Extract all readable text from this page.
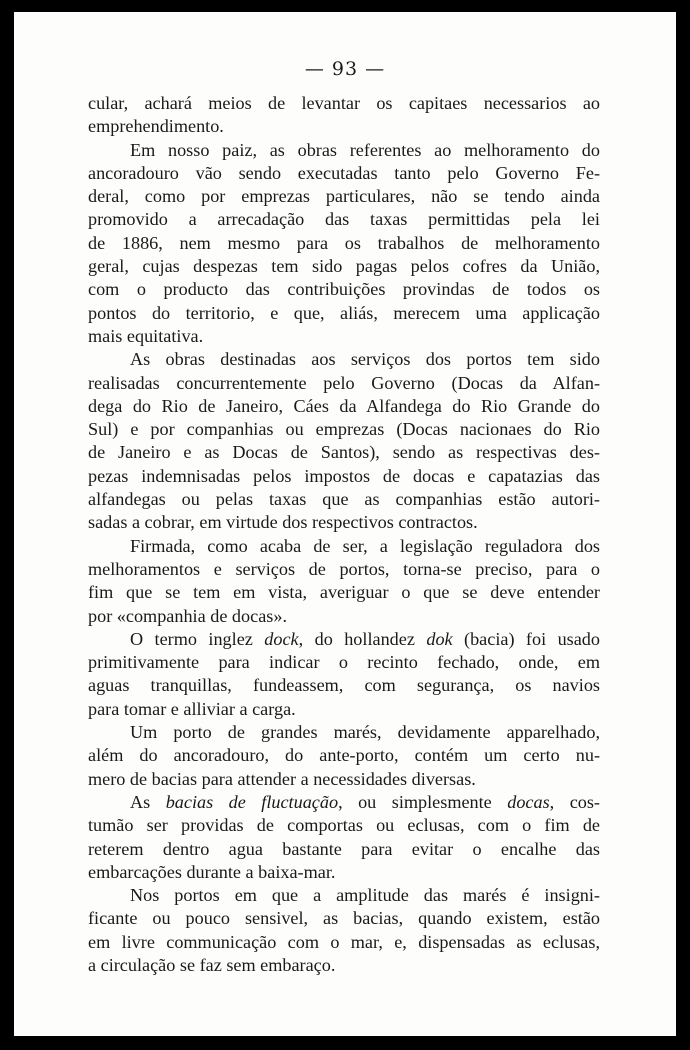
— 93 —
cular, achará meios de levantar os capitaes necessarios ao
emprehendimento.
Em nosso paiz, as obras referentes ao melhoramento do
ancoradouro vão sendo executadas tanto pelo Governo Fe-
deral, como por emprezas particulares, não se tendo ainda
promovido a arrecadação das taxas permittidas pela lei
de 1886, nem mesmo para os trabalhos de melhoramento
geral, cujas despezas tem sido pagas pelos cofres da União,
com o producto das contribuições provindas de todos os
pontos do territorio, e que, aliás, merecem uma applicação
mais equitativa.
As obras destinadas aos serviços dos portos tem sido
realisadas concurrentemente pelo Governo (Docas da Alfan-
dega do Rio de Janeiro, Cáes da Alfandega do Rio Grande do
Sul) e por companhias ou emprezas (Docas nacionaes do Rio
de Janeiro e as Docas de Santos), sendo as respectivas des-
pezas indemnisadas pelos impostos de docas e capatazias das
alfandegas ou pelas taxas que as companhias estão autori-
sadas a cobrar, em virtude dos respectivos contractos.
Firmada, como acaba de ser, a legislação reguladora dos
melhoramentos e serviços de portos, torna-se preciso, para o
fim que se tem em vista, averiguar o que se deve entender
por «companhia de docas».
O termo inglez dock, do hollandez dok (bacia) foi usado
primitivamente para indicar o recinto fechado, onde, em
aguas tranquillas, fundeassem, com segurança, os navios
para tomar e alliviar a carga.
Um porto de grandes marés, devidamente apparelhado,
além do ancoradouro, do ante-porto, contém um certo nu-
mero de bacias para attender a necessidades diversas.
As bacias de fluctuação, ou simplesmente docas, cos-
tumão ser providas de comportas ou eclusas, com o fim de
reterem dentro agua bastante para evitar o encalhe das
embarcações durante a baixa-mar.
Nos portos em que a amplitude das marés é insigni-
ficante ou pouco sensivel, as bacias, quando existem, estão
em livre communicação com o mar, e, dispensadas as eclusas,
a circulação se faz sem embaraço.
